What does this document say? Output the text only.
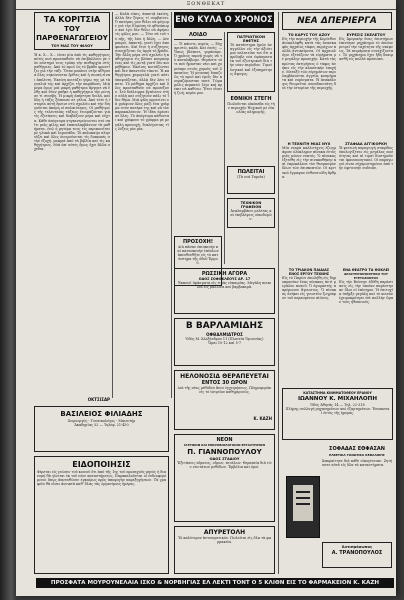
ΞΟΝΘΕΚΑΤ
ΤΑ ΚΟΡΙΤΣΙΑ
ΤΟΥ ΠΑΡΘΕΝΑΓΩΓΕΙΟΥ
ΤΟΥ ΜΑΣ ΤΟΥ ΦΙΛΟΥ
Ἡ κ. Χ... Χ... εἶναι μία ἀπὸ τὶς καθηγήτριες αὐτὲς ποὺ προσπαθοῦν νὰ ἐπιβάλλουν μὲ τὸν αὐστηρό τους τρόπο τὴν πειθαρχία στὶς μαθήτριες. Ἀπὸ τὸ πρωῒ ὣς τὸ βράδυ φροντίζει γιὰ τὴν τάξι. Ὅταν μπαίνει στὴν αἴθουσα ὅλες σηκώνονται ὄρθιες καὶ ἡ σιωπὴ εἶναι ἀπόλυτη. Ἐκείνη κοιτάζει γύρω της μὲ τὰ γυαλιά της καὶ ἀρχίζει τὴν παράδοση. Μιὰ μέρα ὅμως μιὰ μικρὴ μαθήτρια ἄργησε νὰ ἔλθῃ καὶ ὅταν μπῆκε ἡ καθηγήτρια τὴν ρώτησε τί συνέβη. Ἡ μικρὴ ἀπήντησε δειλά, καὶ ὅλη ἡ τάξις ξέσπασε σὲ γέλια. Ἀπὸ τότε ἡ ἱστορία αὐτὴ ἔμεινε στὸ σχολεῖο καὶ τὴν διηγοῦνται ἀκόμη οἱ παλαιότερες. Οἱ μαθήτριες τῆς τελευταίας τάξεως ἑτοιμάζονται γιὰ τὶς ἐξετάσεις καὶ διαβάζουν μέρα καὶ νύχτα. Κάθε ἀπόγευμα συγκεντρώνονται στὸ σπίτι μιᾶς φίλης καὶ ἐπαναλαμβάνουν τὰ μαθήματα, ἐνῷ ἡ μητέρα τους τὶς περιποιεῖται μὲ γλυκὰ καὶ λεμονάδα. Τὸ καλοκαίρι πλησιάζει καὶ ὅλες ὀνειρεύονται τὶς διακοπὲς στὴν ἐξοχή, μακριὰ ἀπὸ τὰ βιβλία καὶ τὶς καθηγήτριες. Μιὰ ἀπ' αὐτὲς ὅμως ἔχει ἄλλα σχέδια.
ΟΚΤΣΙΣΑΡ
— Καλὰ εἶπες, ἀπαντᾷ ἐκείνη, ἀλλὰ δὲν ξέρεις τί συμβαίνει. Ὁ πατέρας μου θέλει νὰ φύγωμε γιὰ τὴν Εὐρώπη τὸ φθινόπωρο καὶ ἐγὼ δὲν θέλω νὰ ἀφήσω τὶς φίλες μου. — Τότε νὰ τοῦ τὸ πῇς, τῆς λέει ἡ ἄλλη. — Δὲν μπορῶ, ἀπαντᾷ, γιατὶ ἔχει ἀποφασίσει. Καὶ ἔτσι ἡ συζήτησις συνεχίζεται ὣς ἀργὰ τὸ βράδυ. Τὴν ἄλλη μέρα στὸ σχολεῖο ἡ καθηγήτρια τὶς βλέπει κουρασμένες καὶ τὶς ρωτᾷ γιατὶ δὲν κοιμήθηκαν. Ἐκεῖνες κοιτάζονται καὶ δὲν ἀπαντοῦν τίποτε. Ἡ καθηγήτρια χαμογελᾷ γιατὶ κάτι ὑποψιάζεται, ἀλλὰ δὲν λέει τίποτε. Τὸ μάθημα ἀρχίζει καὶ ὅλες προσπαθοῦν νὰ προσέξουν. Στὸ διάλειμμα βγαίνουν στὴν αὐλὴ καὶ συζητοῦν πάλι τὸ ἴδιο θέμα. Μιὰ φίλη προτείνει νὰ γράψουν ὅλες μαζὶ ἕνα γράμμα στὸν πατέρα της καὶ νὰ τὸν παρακαλέσουν. Ἡ ἰδέα ἀρέσει σὲ ὅλες. Τὸ ἀπόγευμα κάθονται καὶ γράφουν τὸ γράμμα μὲ μεγάλη προσοχή, διαλέγοντας τὶς λέξεις μία μία.
ΕΝΘ ΚΥΛΑ Ο ΧΡΟΝΟΣ
ΛΟΙΔΟ
— Τί κάνετε, κυρία; — Εὐχαριστῶ, καλά. Καὶ ἐσεῖς; — Ὅπως βλέπετε, γεράσαμε. Ὁ χρόνος περνᾷ χωρὶς νὰ τὸ καταλάβωμε. Θυμᾶστε τότε ποὺ ἤμασταν νέοι καὶ χορεύαμε στοὺς χοροὺς τοῦ Ζαππείου; Ἡ μουσικὴ ἔπαιζε ὣς τὸ πρωῒ καὶ ἐμεῖς δὲν κουραζόμασταν ποτέ. Τώρα μόλις περπατῶ λίγο καὶ πρέπει νὰ καθίσω. Ἔτσι εἶναι ἡ ζωή, κυρία μου.
ΠΡΟΣΟΧΗ!
Διὰ πᾶσαν ἐπισκευὴν καὶ κατασκευὴν ἐπίπλων ἀπευθυνθῆτε εἰς τὸ κατάστημα τῆς ὁδοῦ Ἑρμοῦ.
ΠΑΤΡΙΩΤΙΚΟΝ ΕΦΕΤΗΣ
Τὸ κατάστημα ἡμῶν ἀναγγέλλει εἰς τὴν ἀξιότιμον πελατείαν του ὅτι παρέλαβε νέα ὑφάσματα ἐκ τοῦ ἐξωτερικοῦ διὰ τὴν νέαν περίοδον. Τιμαὶ λογικαὶ καὶ ἐξυπηρέτησις ἄψογος.
ΕΘΝΙΚΗ ΣΤΕΓΗ
Πωλοῦνται οἰκόπεδα εἰς τὴν περιοχὴν Ψυχικοῦ μὲ εὐκολίας πληρωμῆς.
ΠΩΛΕΙΤΑΙ
(Τὰ νεά Ταμεῖα)
ΤΕΧΝΙΚΟΝ ΓΡΑΦΕΙΟΝ
Ἀναλαμβάνει μελέτας καὶ ἐπιβλέψεις οἰκοδομῶν.
ΡΩΣΣΙΚΗ ΑΓΟΡΑ
ΟΔΟΣ ΣΟΦΟΚΛΕΟΥΣ ΑΡ. 17
Ἐκποιεῖ ὑφάσματα εἰς τιμὰς εὐκαιρίας. Μεγάλη ποικιλία εἰς μάλλινα καὶ βαμβακερά.
Β ΒΑΡΛΑΜΙΔΗΣ
ΟΦΘΑΛΜΙΑΤΡΟΣ
Ὁδὸς Μ. Ἀλεξάνδρου 11 (Πλατεῖα Ὁμονοίας)
Ὧραι 10-12 καὶ 5-7
ΗΕΛΟΝΟΣΙΔ ΘΕΡΑΠΕΥΕΤΑΙ
ΕΝΤΟΣ 30 ΩΡΟΝ
Διὰ τῆς νέας μεθόδου ἄνευ ἐγχειρήσεως. Πληροφορίαι εἰς τὸ ἰατρεῖον καθημερινῶς.
Κ. ΚΑΖΗ
ΝΕΟΝ
ΙΑΤΡΙΚΟΝ ΚΑΙ ΜΙΚΡΟΒΙΟΛΟΓΙΚΟΝ ΕΡΓΑΣΤΗΡΙΟΝ
Π. ΓΙΑΝΝΟΠΟΥΛΟΥ
ΟΔΟΣ ΣΤΑΔΙΟΥ
Ἐξετάσεις αἵματος, οὔρων, πτυέλων. Θεραπεία διὰ τῶν νεωτάτων μεθόδων. Ἐμβόλια καὶ ὀροί.
ΑΠΥΡΕΤΟΛΗ
Τὸ καλύτερον ἀντιπυρετικόν. Πωλεῖται εἰς ὅλα τὰ φαρμακεῖα.
ΒΑΣΙΛΕΙΟΣ ΦΙΛΙΑΔΗΣ
Χειρουργὸς - Γυναικολόγος - Μαιευτήρ
Ἀκαδημίας 52 — Τηλέφ. 21-450
ΕΙΔΟΠΟΙΗΣΙΣ
Φέρεται εἰς γνῶσιν τοῦ κοινοῦ ὅτι ἀπὸ τῆς 1ης τοῦ προσεχοῦς μηνὸς ἡ διανομὴ θὰ γίνεται ἐκ τοῦ νέου καταστήματος. Παρακαλοῦνται οἱ ἐνδιαφερόμενοι ὅπως ἀποταθῶσιν ἐγκαίρως πρὸς ἀποφυγὴν παρεξηγήσεων. Τὰ γραφεῖα θὰ εἶναι ἀνοικτὰ καθ' ὅλας τὰς ἐργασίμους ἡμέρας.
ΝΕΑ ΔΠΕΡΙΕΡΓΑ
ΤΟ ΚΑΡΥΣ ΤΟΥ ΑΖΟΥ
Εἰς τὴν περιοχὴν τῆς Κορίνθου ἀνεκαλύφθη κατὰ τὰς ἀνασκαφὰς ἀρχαῖος τάφος περιέχων πολλὰ ἀντικείμενα. Οἱ ἀρχαιολόγοι ἐξετάζουν τὰ εὑρήματα μὲ μεγάλην προσοχήν. Κατὰ τὰς πρώτας ἐκτιμήσεις ὁ τάφος ἀνήκει εἰς τὴν κλασσικὴν ἐποχήν. Μεταξὺ τῶν εὑρημάτων περιλαμβάνονται ἀγγεῖα, κοσμήματα καὶ νομίσματα. Ἡ ἀνακάλυψις θεωρεῖται σπουδαιοτάτη διὰ τὴν ἱστορίαν τῆς περιοχῆς.
ΕΥΡΕΣΙΣ ΣΚΕΛΕΤΟΥ
Εἰς Ἀμερικὴν ἕνας ἐπιστήμων ἐπενόησε μηχάνημα τὸ ὁποῖον μετρεῖ τὴν ταχύτητα τῆς σκέψεως. Τὰ πειράματα συνεχίζονται. Τὸ μηχάνημα ἔχει ἤδη δοκιμασθῆ εἰς πολλὰ πρόσωπα.
Η ΤΕΧΝΙΤΗ ΜΙΑΣ ΝΥΧ
Μία νεαρὰ καλλιτέχνις ἐζωγράφισε ὁλόκληρον πίνακα ἐντὸς μιᾶς μόνον νυκτός. Ὁ πίνακας ἐξετέθη εἰς τὴν πινακοθήκην καὶ ἐπροκάλεσε τὸν θαυμασμὸν ὅλων τῶν ἐπισκεπτῶν. Οἱ κριτικοὶ ἔγραψαν ἐνθουσιώδη ἄρθρα.
ΣΤΑΦΙΔΑ ΑΓΓΙΚΟΡΚΗ
Ἡ φετεινὴ παραγωγὴ σταφίδος ὑπολογίζεται εἰς μεγάλας ποσότητας καὶ αἱ τιμαὶ διατηροῦνται ἱκανοποιητικαί. Οἱ παραγωγοὶ εἶναι εὐχαριστημένοι ἀπὸ τὴν ἐφετεινὴν σοδειάν.
ΤΟ ΤΡΙΑΚΟΝ ΠΑΙΔΙΑΣ
ΕΝΟΣ ΕΡΓΟΥ ΤΕΧΝΗΣ
Εἰς τὸ Παρίσι ἐπωλήθη εἰς δημοπρασίαν ἕνας πίνακας ἀντὶ μεγάλου ποσοῦ. Ὁ ἀγοραστὴς παρέμεινεν ἄγνωστος. Ὁ πίνακας ἀνήκει εἰς γνωστὸν ζωγράφον τοῦ περασμένου αἰῶνος.
ΕΝΑ ΘΕΑΤΡΟ ΤΑ ΘΟΚΛΕΙ
ΔΡΑΣΤΗΡΙΟΠΟΙΗΤΙΚΟ ΤΟΥ ΕΞΕΤΑΖΟΝΤΟΣ
Εἰς τὴν Βιέννην ἐδόθη παράστασις εἰς τὴν ὁποίαν παρέστησαν ὅλοι οἱ ἐπίσημοι. Ἡ ἐπιτυχία ὑπῆρξε μεγάλη καὶ τὸ κοινὸν ἐχειροκρότησε ἐπὶ πολλὴν ὥραν τοὺς ἠθοποιούς.
ΚΑΤΑΣΤΗΜΑ ΚΙΝΗΜΑΤΟΘΕΟΥ ΕΡΑΝΟΥ
ΙΩΑΝΝΟΥ Κ. ΜΙΧΑΗΛΟΠΗ
Ὁδὸς Ἀθηνᾶς 14 — Τηλ. 22-318
Πλήρης συλλογὴ μηχανημάτων καὶ ἐξαρτημάτων. Ἐπισκευαὶ ἐντὸς τῆς ἡμέρας.
ΣΟΦΑΔΑΣ ΕΘΦΑΣΑΝ
ΕΛΒΕΤΙΚΑ ΤΟΝΩΤΙΚΑ ΚΕΦΑΛΙΚΗΣ
Ἀπαραίτητα διὰ κάθε οἰκογένειαν. Ζητήσατε αὐτὰ εἰς ὅλα τὰ καταστήματα.
Ἀντιπρόσωπος
Α. ΤΡΑΝΟΠΟΥΛΟΣ
ΠΡΟΣΦΑΤΑ ΜΟΥΡΟΥΝΕΛΑΙΑ ΙΣΚΟ & ΝΟΡΒΗΓΙΑΣ ΕΛ ΛΕΚΤΙ ΤΟΝΤ Ο 5 ΚΛΙΘΝ ΕΙΣ ΤΟ ΦΑΡΜΑΚΕΙΟΝ Κ. ΚΑΖΗ
